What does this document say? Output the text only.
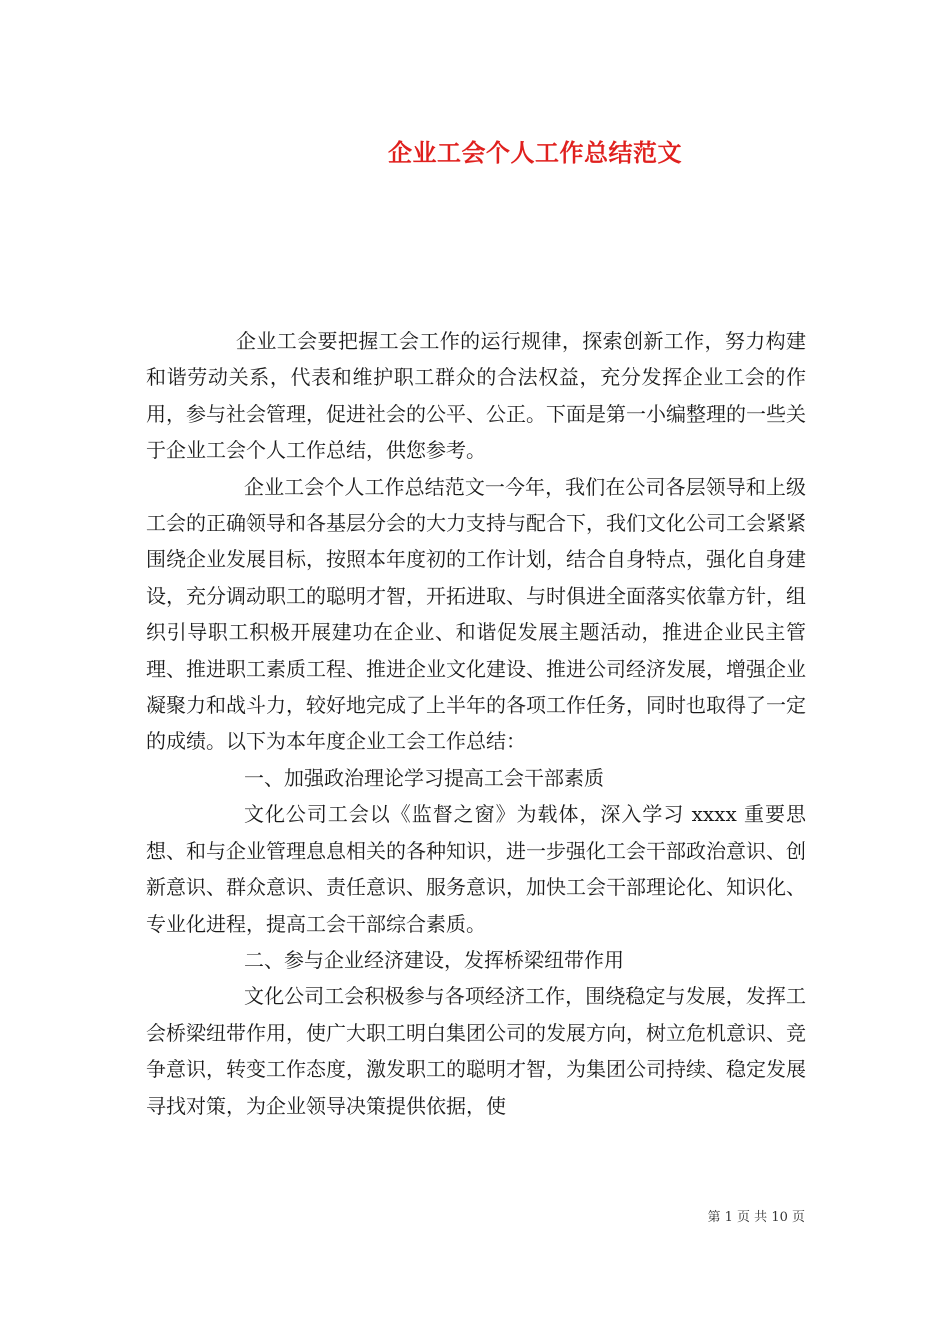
企业工会个人工作总结范文

企业工会要把握工会工作的运行规律，探索创新工作，努力构建和谐劳动关系，代表和维护职工群众的合法权益，充分发挥企业工会的作用，参与社会管理，促进社会的公平、公正。下面是第一小编整理的一些关于企业工会个人工作总结，供您参考。

企业工会个人工作总结范文一今年，我们在公司各层领导和上级工会的正确领导和各基层分会的大力支持与配合下，我们文化公司工会紧紧围绕企业发展目标，按照本年度初的工作计划，结合自身特点，强化自身建设，充分调动职工的聪明才智，开拓进取、与时俱进全面落实依靠方针，组织引导职工积极开展建功在企业、和谐促发展主题活动，推进企业民主管理、推进职工素质工程、推进企业文化建设、推进公司经济发展，增强企业凝聚力和战斗力，较好地完成了上半年的各项工作任务，同时也取得了一定的成绩。以下为本年度企业工会工作总结：

一、加强政治理论学习提高工会干部素质

文化公司工会以《监督之窗》为载体，深入学习 xxxx 重要思想、和与企业管理息息相关的各种知识，进一步强化工会干部政治意识、创新意识、群众意识、责任意识、服务意识，加快工会干部理论化、知识化、专业化进程，提高工会干部综合素质。

二、参与企业经济建设，发挥桥梁纽带作用

文化公司工会积极参与各项经济工作，围绕稳定与发展，发挥工会桥梁纽带作用，使广大职工明白集团公司的发展方向，树立危机意识、竞争意识，转变工作态度，激发职工的聪明才智，为集团公司持续、稳定发展寻找对策，为企业领导决策提供依据，使

第 1 页 共 10 页
